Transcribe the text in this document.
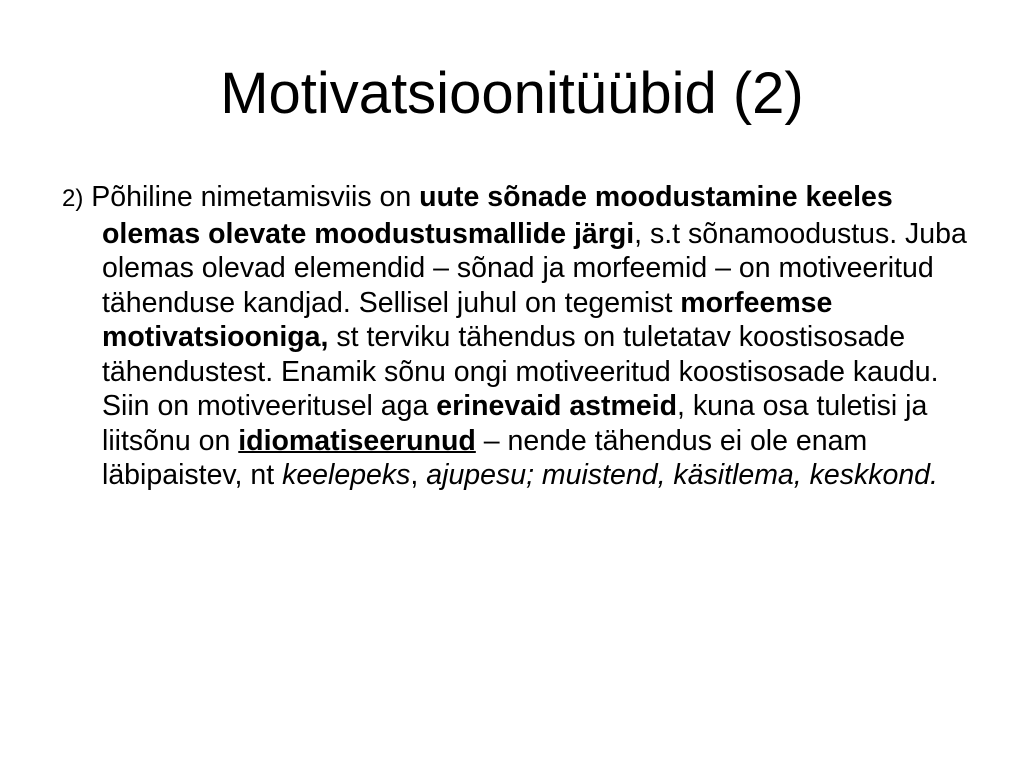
Motivatsioonitüübid (2)

2) Põhiline nimetamisviis on uute sõnade moodustamine keeles olemas olevate moodustusmallide järgi, s.t sõnamoodustus. Juba olemas olevad elemendid – sõnad ja morfeemid – on motiveeritud tähenduse kandjad. Sellisel juhul on tegemist morfeemse motivatsiooniga, st terviku tähendus on tuletatav koostisosade tähendustest. Enamik sõnu ongi motiveeritud koostisosade kaudu. Siin on motiveeritusel aga erinevaid astmeid, kuna osa tuletisi ja liitsõnu on idiomatiseerunud – nende tähendus ei ole enam läbipaistev, nt keelepeks, ajupesu; muistend, käsitlema, keskkond.
